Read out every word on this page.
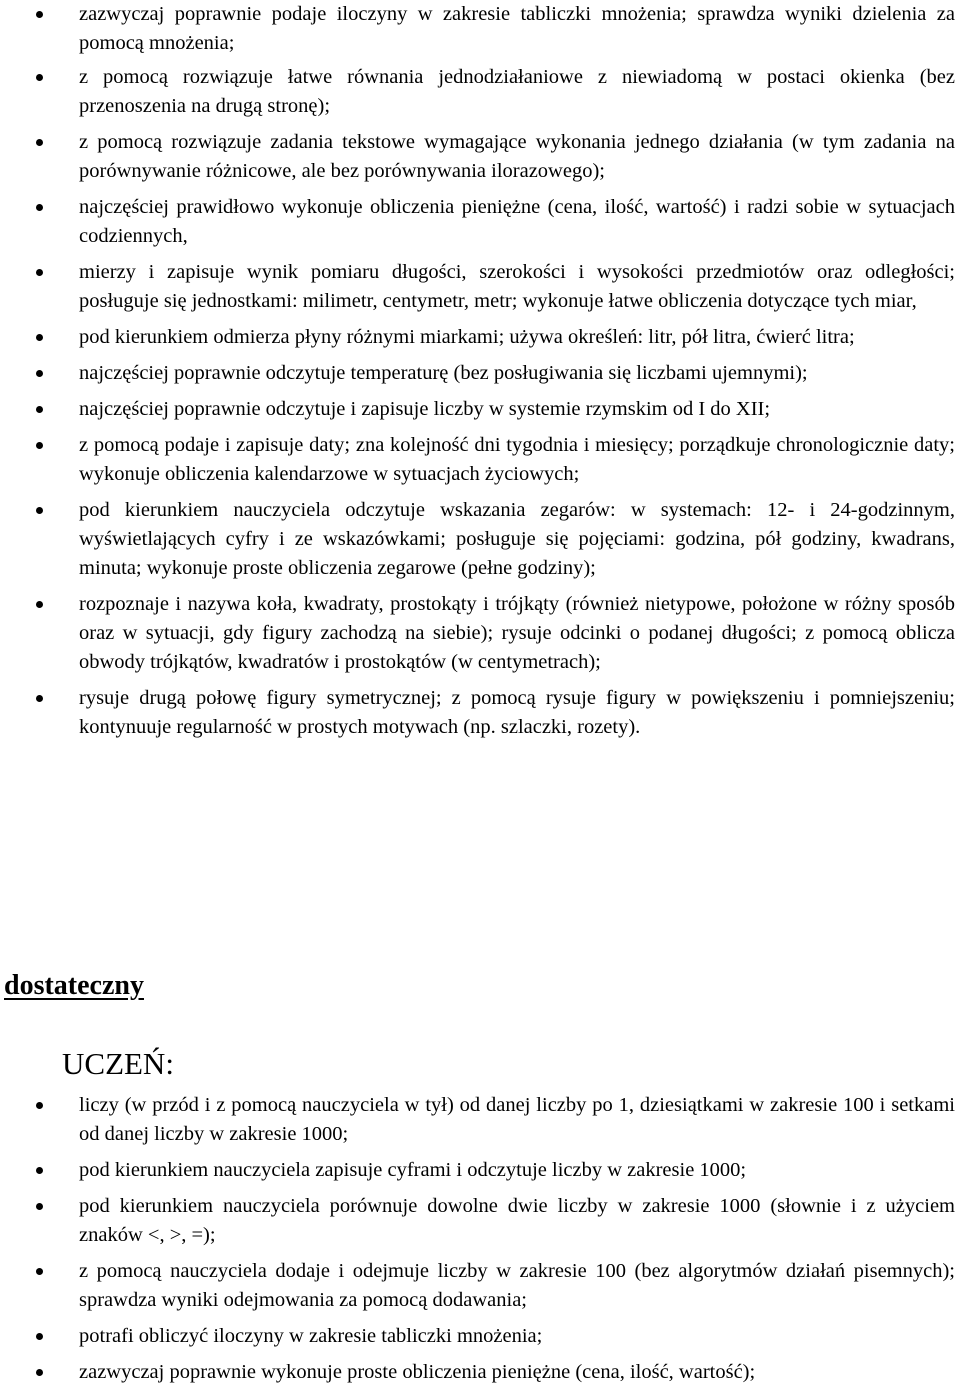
zazwyczaj poprawnie podaje iloczyny w zakresie tabliczki mnożenia; sprawdza wyniki dzielenia za pomocą mnożenia;
z pomocą rozwiązuje łatwe równania jednodziałaniowe z niewiadomą w postaci okienka (bez przenoszenia na drugą stronę);
z pomocą rozwiązuje zadania tekstowe wymagające wykonania jednego działania (w tym zadania na porównywanie różnicowe, ale bez porównywania ilorazowego);
najczęściej prawidłowo wykonuje obliczenia pieniężne (cena, ilość, wartość) i radzi sobie w sytuacjach codziennych,
mierzy i zapisuje wynik pomiaru długości, szerokości i wysokości przedmiotów oraz odległości; posługuje się jednostkami: milimetr, centymetr, metr; wykonuje łatwe obliczenia dotyczące tych miar,
pod kierunkiem odmierza płyny różnymi miarkami; używa określeń: litr, pół litra, ćwierć litra;
najczęściej poprawnie odczytuje temperaturę (bez posługiwania się liczbami ujemnymi);
najczęściej poprawnie odczytuje i zapisuje liczby w systemie rzymskim od I do XII;
z pomocą podaje i zapisuje daty; zna kolejność dni tygodnia i miesięcy; porządkuje chronologicznie daty; wykonuje obliczenia kalendarzowe w sytuacjach życiowych;
pod kierunkiem nauczyciela odczytuje wskazania zegarów: w systemach: 12- i 24-godzinnym, wyświetlających cyfry i ze wskazówkami; posługuje się pojęciami: godzina, pół godziny, kwadrans, minuta; wykonuje proste obliczenia zegarowe (pełne godziny);
rozpoznaje i nazywa koła, kwadraty, prostokąty i trójkąty (również nietypowe, położone w różny sposób oraz w sytuacji, gdy figury zachodzą na siebie); rysuje odcinki o podanej długości; z pomocą oblicza obwody trójkątów, kwadratów i prostokątów (w centymetrach);
rysuje drugą połowę figury symetrycznej; z pomocą rysuje figury w powiększeniu i pomniejszeniu; kontynuuje regularność w prostych motywach (np. szlaczki, rozety).
dostateczny
UCZEŃ:
liczy (w przód i z pomocą nauczyciela w tył) od danej liczby po 1, dziesiątkami w zakresie 100 i setkami od danej liczby w zakresie 1000;
pod kierunkiem nauczyciela zapisuje cyframi i odczytuje liczby w zakresie 1000;
pod kierunkiem nauczyciela porównuje dowolne dwie liczby w zakresie 1000 (słownie i z użyciem znaków <, >, =);
z pomocą nauczyciela dodaje i odejmuje liczby w zakresie 100 (bez algorytmów działań pisemnych); sprawdza wyniki odejmowania za pomocą dodawania;
potrafi obliczyć iloczyny w zakresie tabliczki mnożenia;
zazwyczaj poprawnie wykonuje proste obliczenia pieniężne (cena, ilość, wartość);
